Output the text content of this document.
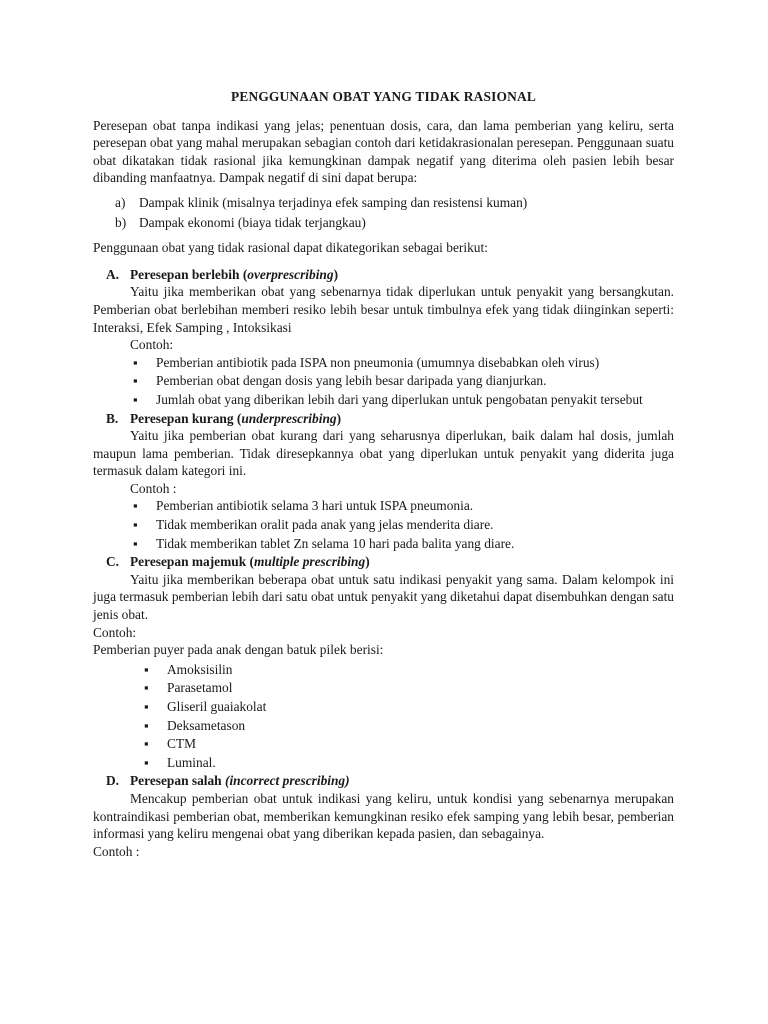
PENGGUNAAN OBAT YANG TIDAK RASIONAL

Peresepan obat tanpa indikasi yang jelas; penentuan dosis, cara, dan lama pemberian yang keliru, serta peresepan obat yang mahal merupakan sebagian contoh dari ketidakrasionalan peresepan. Penggunaan suatu obat dikatakan tidak rasional jika kemungkinan dampak negatif yang diterima oleh pasien lebih besar dibanding manfaatnya. Dampak negatif di sini dapat berupa:

a) Dampak klinik (misalnya terjadinya efek samping dan resistensi kuman)
b) Dampak ekonomi (biaya tidak terjangkau)

Penggunaan obat yang tidak rasional dapat dikategorikan sebagai berikut:

A. Peresepan berlebih (overprescribing)

Yaitu jika memberikan obat yang sebenarnya tidak diperlukan untuk penyakit yang bersangkutan. Pemberian obat berlebihan memberi resiko lebih besar untuk timbulnya efek yang tidak diinginkan seperti: Interaksi, Efek Samping , Intoksikasi

Contoh:

▪ Pemberian antibiotik pada ISPA non pneumonia (umumnya disebabkan oleh virus)
▪ Pemberian obat dengan dosis yang lebih besar daripada yang dianjurkan.
▪ Jumlah obat yang diberikan lebih dari yang diperlukan untuk pengobatan penyakit tersebut
B. Peresepan kurang (underprescribing)

Yaitu jika pemberian obat kurang dari yang seharusnya diperlukan, baik dalam hal dosis, jumlah maupun lama pemberian. Tidak diresepkannya obat yang diperlukan untuk penyakit yang diderita juga termasuk dalam kategori ini.

Contoh :

▪ Pemberian antibiotik selama 3 hari untuk ISPA pneumonia.
▪ Tidak memberikan oralit pada anak yang jelas menderita diare.
▪ Tidak memberikan tablet Zn selama 10 hari pada balita yang diare.
C. Peresepan majemuk (multiple prescribing)

Yaitu jika memberikan beberapa obat untuk satu indikasi penyakit yang sama. Dalam kelompok ini juga termasuk pemberian lebih dari satu obat untuk penyakit yang diketahui dapat disembuhkan dengan satu jenis obat.

Contoh:

Pemberian puyer pada anak dengan batuk pilek berisi:

▪ Amoksisilin
▪ Parasetamol
▪ Gliseril guaiakolat
▪ Deksametason
▪ CTM
▪ Luminal.
D. Peresepan salah (incorrect prescribing)

Mencakup pemberian obat untuk indikasi yang keliru, untuk kondisi yang sebenarnya merupakan kontraindikasi pemberian obat, memberikan kemungkinan resiko efek samping yang lebih besar, pemberian informasi yang keliru mengenai obat yang diberikan kepada pasien, dan sebagainya.

Contoh :
